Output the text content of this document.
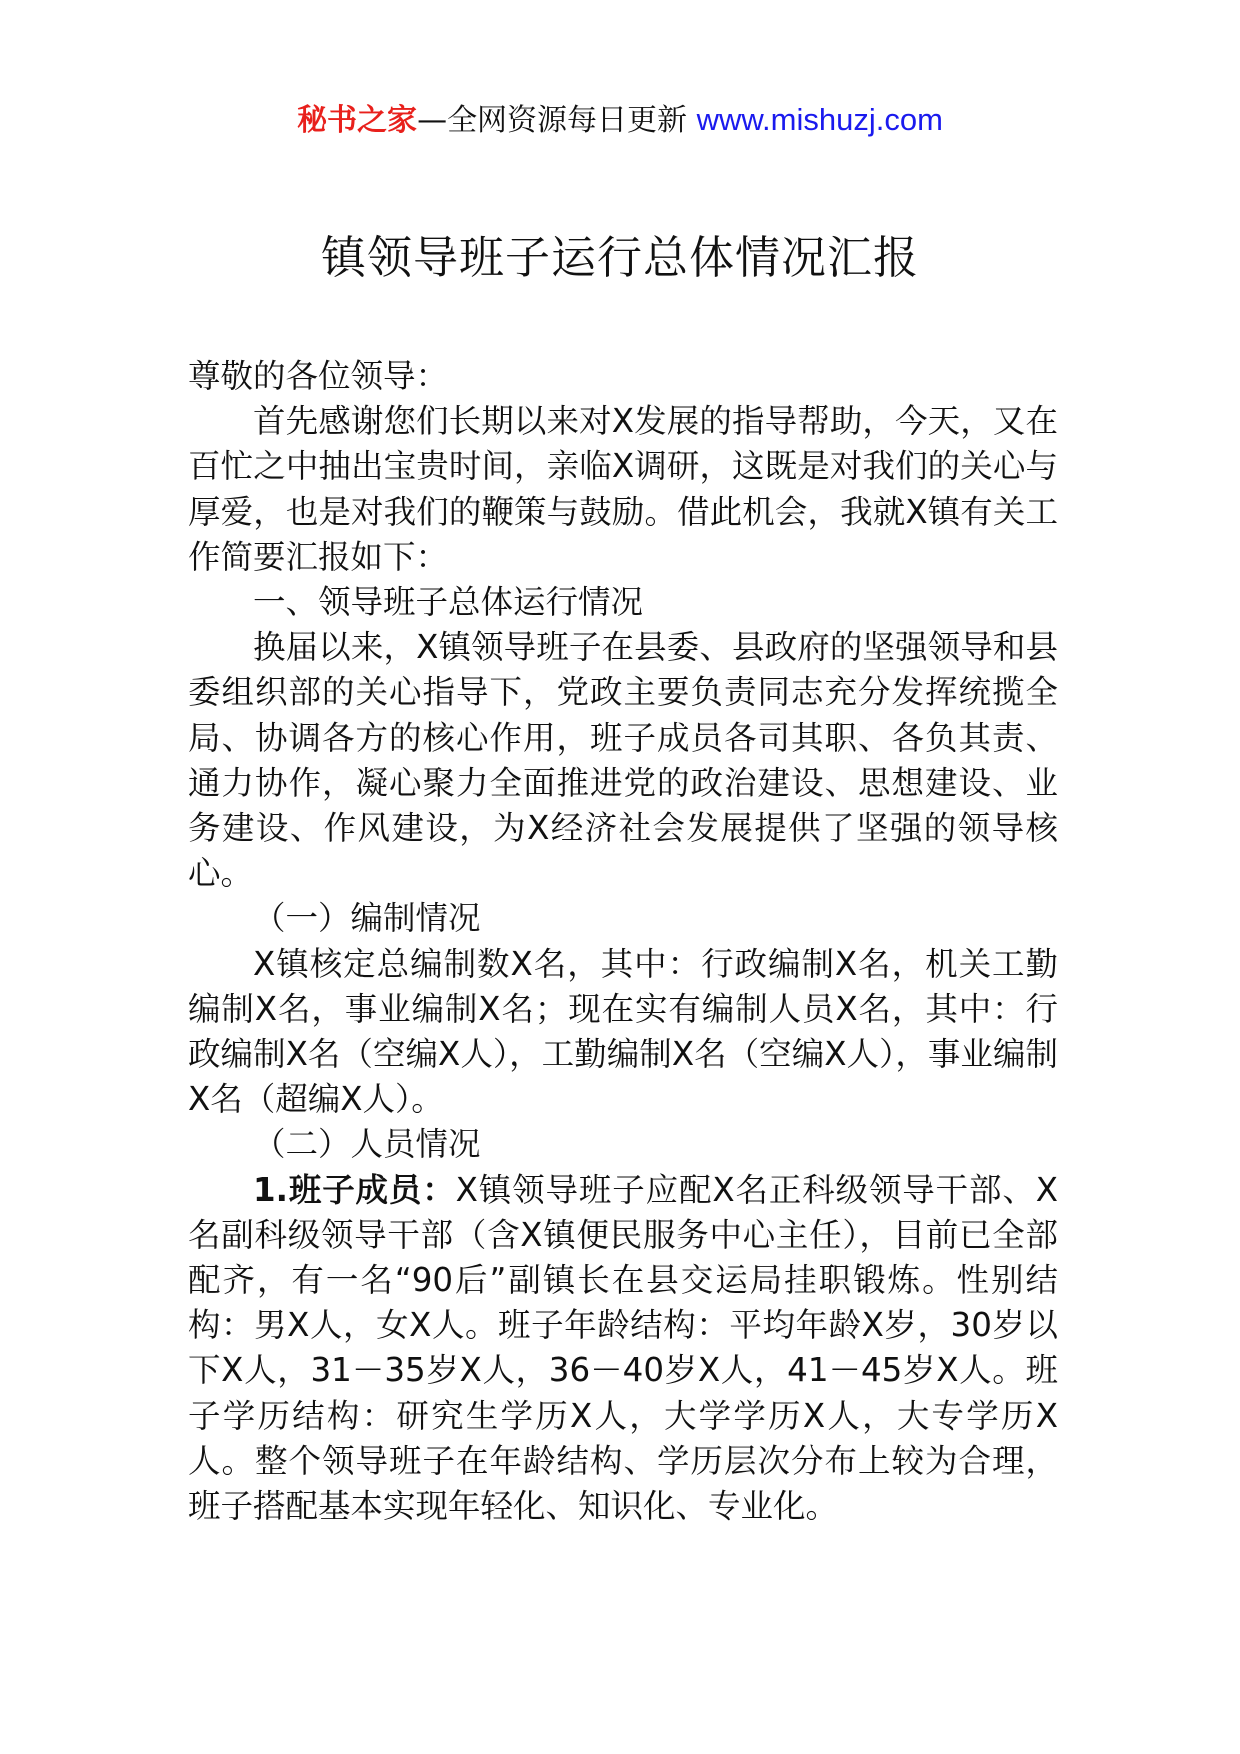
秘书之家—全网资源每日更新 www.mishuzj.com
镇领导班子运行总体情况汇报

尊敬的各位领导：

首先感谢您们长期以来对X发展的指导帮助，今天，又在百忙之中抽出宝贵时间，亲临X调研，这既是对我们的关心与厚爱，也是对我们的鞭策与鼓励。借此机会，我就X镇有关工作简要汇报如下：

一、领导班子总体运行情况

换届以来，X镇领导班子在县委、县政府的坚强领导和县委组织部的关心指导下，党政主要负责同志充分发挥统揽全局、协调各方的核心作用，班子成员各司其职、各负其责、通力协作，凝心聚力全面推进党的政治建设、思想建设、业务建设、作风建设，为X经济社会发展提供了坚强的领导核心。

（一）编制情况

X镇核定总编制数X名，其中：行政编制X名，机关工勤编制X名，事业编制X名；现在实有编制人员X名，其中：行政编制X名（空编X人），工勤编制X名（空编X人），事业编制X名（超编X人）。

（二）人员情况

1.班子成员：X镇领导班子应配X名正科级领导干部、X名副科级领导干部（含X镇便民服务中心主任），目前已全部配齐，有一名“90后”副镇长在县交运局挂职锻炼。性别结构：男X人，女X人。班子年龄结构：平均年龄X岁，30岁以下X人，31－35岁X人，36－40岁X人，41－45岁X人。班子学历结构：研究生学历X人，大学学历X人，大专学历X人。整个领导班子在年龄结构、学历层次分布上较为合理，班子搭配基本实现年轻化、知识化、专业化。
